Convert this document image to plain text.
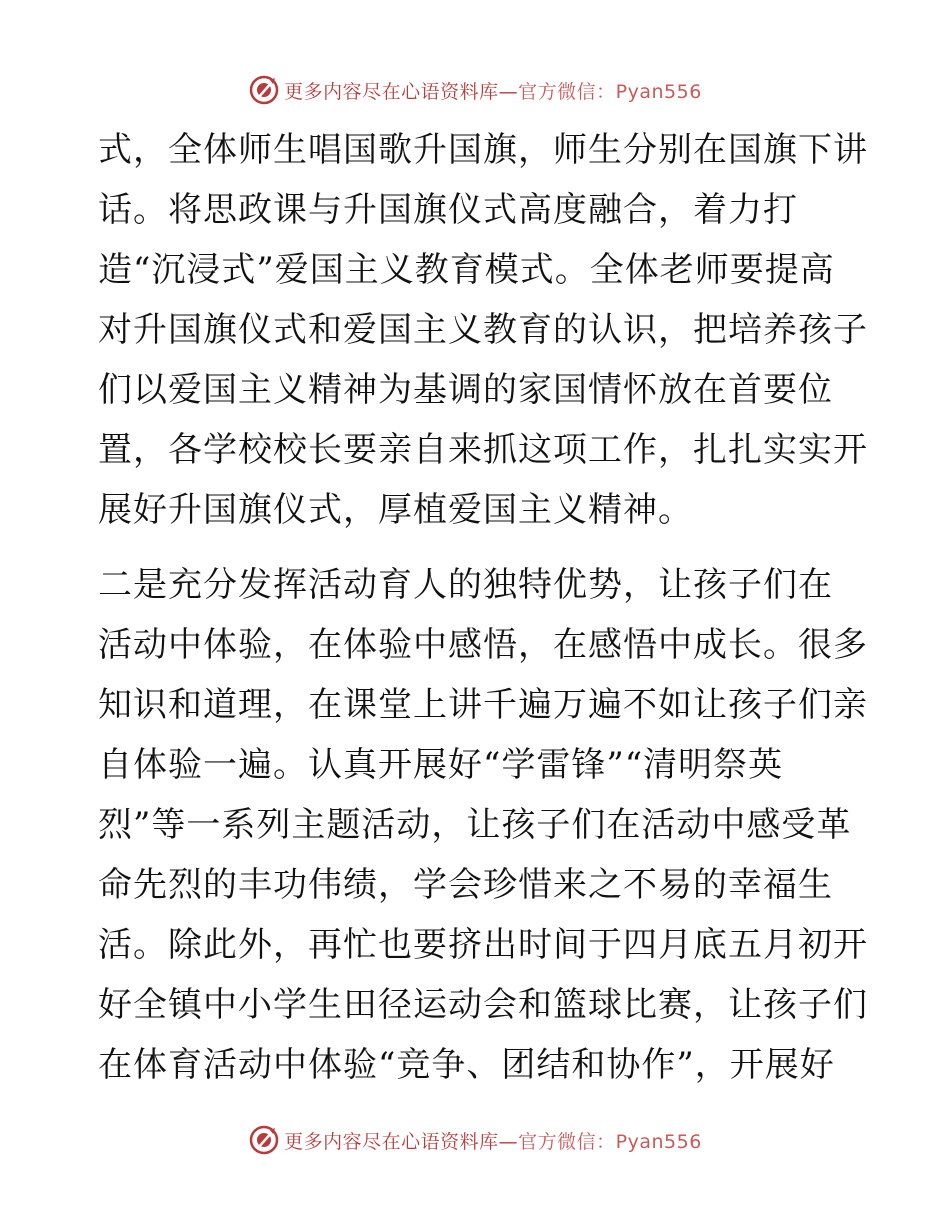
更多内容尽在心语资料库—官方微信：Pyan556
式，全体师生唱国歌升国旗，师生分别在国旗下讲
话。将思政课与升国旗仪式高度融合，着力打
造“沉浸式”爱国主义教育模式。全体老师要提高
对升国旗仪式和爱国主义教育的认识，把培养孩子
们以爱国主义精神为基调的家国情怀放在首要位
置，各学校校长要亲自来抓这项工作，扎扎实实开
展好升国旗仪式，厚植爱国主义精神。
二是充分发挥活动育人的独特优势，让孩子们在
活动中体验，在体验中感悟，在感悟中成长。很多
知识和道理，在课堂上讲千遍万遍不如让孩子们亲
自体验一遍。认真开展好“学雷锋”“清明祭英
烈”等一系列主题活动，让孩子们在活动中感受革
命先烈的丰功伟绩，学会珍惜来之不易的幸福生
活。除此外，再忙也要挤出时间于四月底五月初开
好全镇中小学生田径运动会和篮球比赛，让孩子们
在体育活动中体验“竞争、团结和协作”，开展好
更多内容尽在心语资料库—官方微信：Pyan556
